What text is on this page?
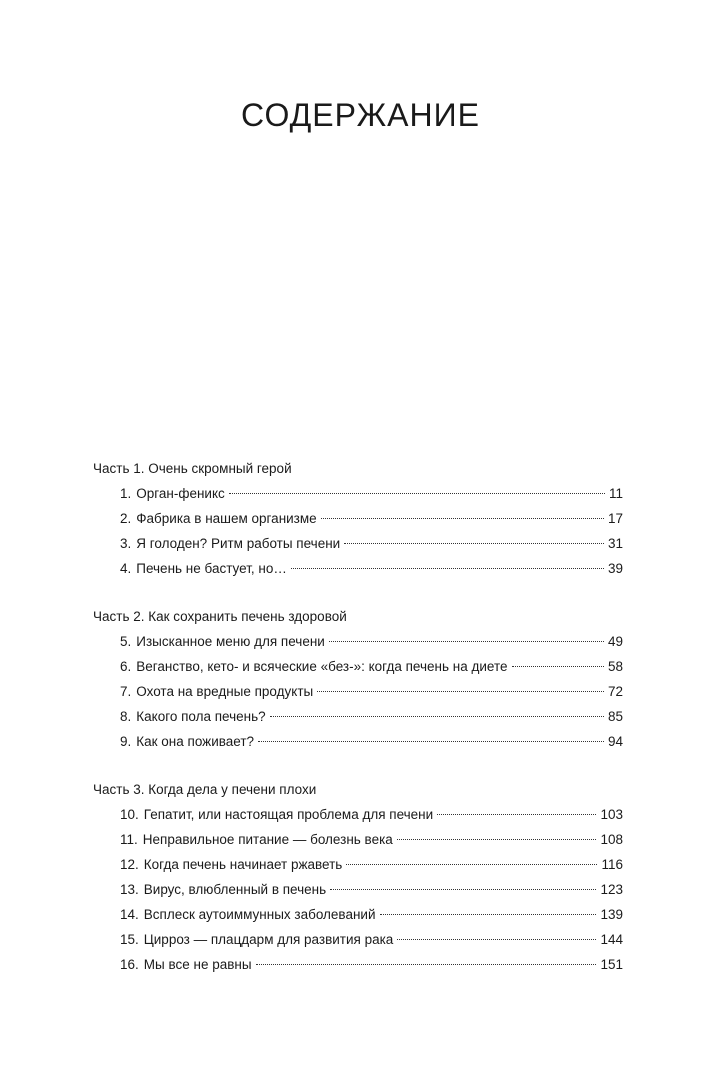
СОДЕРЖАНИЕ
Часть 1. Очень скромный герой
1. Орган-феникс	11
2. Фабрика в нашем организме	17
3. Я голоден? Ритм работы печени	31
4. Печень не бастует, но…	39
Часть 2. Как сохранить печень здоровой
5. Изысканное меню для печени	49
6. Веганство, кето- и всяческие «без-»: когда печень на диете	58
7. Охота на вредные продукты	72
8. Какого пола печень?	85
9. Как она поживает?	94
Часть 3. Когда дела у печени плохи
10. Гепатит, или настоящая проблема для печени	103
11. Неправильное питание — болезнь века	108
12. Когда печень начинает ржаветь	116
13. Вирус, влюбленный в печень	123
14. Всплеск аутоиммунных заболеваний	139
15. Цирроз — плацдарм для развития рака	144
16. Мы все не равны	151
